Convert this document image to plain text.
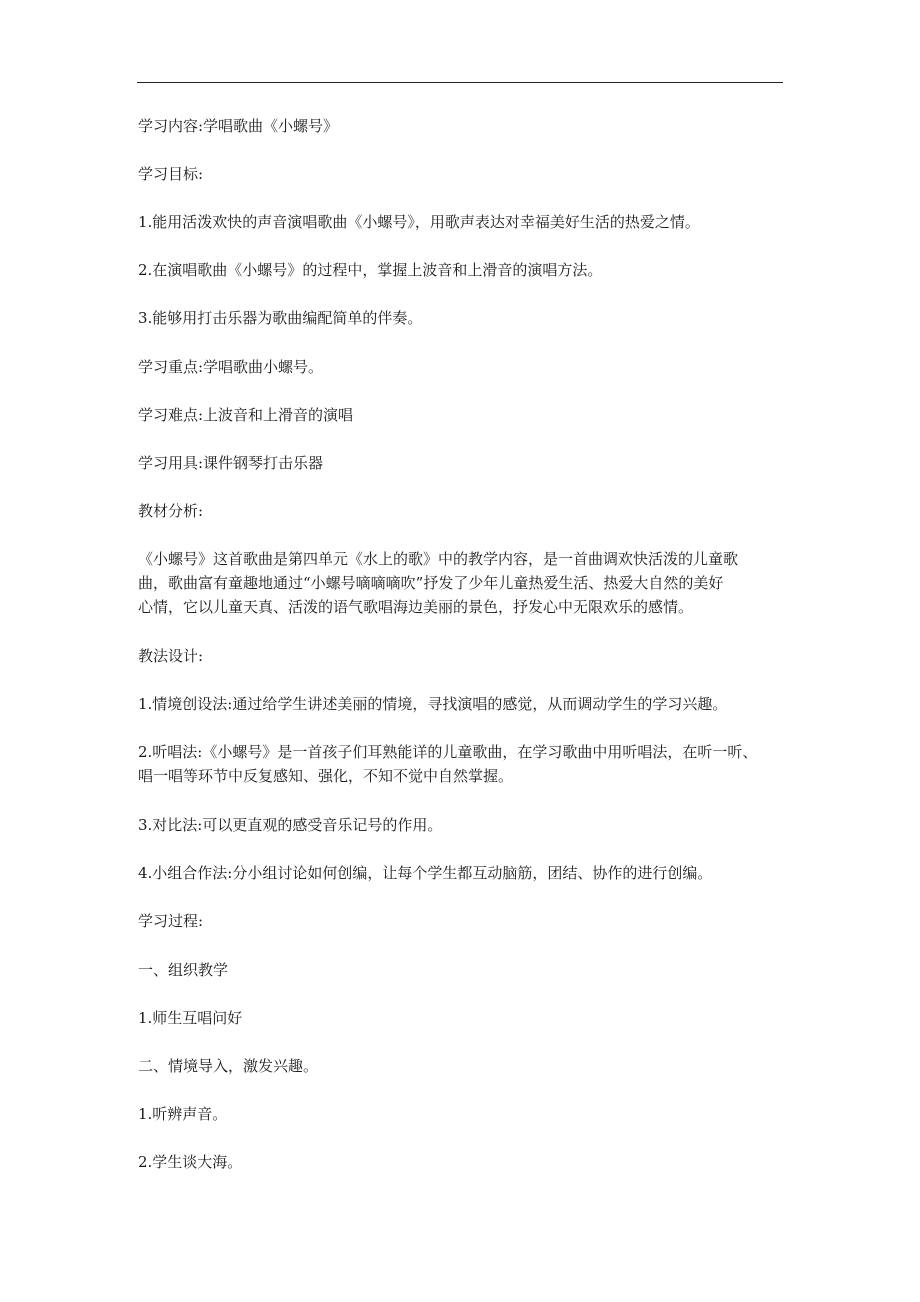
学习内容:学唱歌曲《小螺号》

学习目标:

1.能用活泼欢快的声音演唱歌曲《小螺号》，用歌声表达对幸福美好生活的热爱之情。

2.在演唱歌曲《小螺号》的过程中，掌握上波音和上滑音的演唱方法。

3.能够用打击乐器为歌曲编配简单的伴奏。

学习重点:学唱歌曲小螺号。

学习难点:上波音和上滑音的演唱

学习用具:课件钢琴打击乐器

教材分析:

《小螺号》这首歌曲是第四单元《水上的歌》中的教学内容，是一首曲调欢快活泼的儿童歌
曲，歌曲富有童趣地通过“小螺号嘀嘀嘀吹”抒发了少年儿童热爱生活、热爱大自然的美好
心情，它以儿童天真、活泼的语气歌唱海边美丽的景色，抒发心中无限欢乐的感情。

教法设计:

1.情境创设法:通过给学生讲述美丽的情境，寻找演唱的感觉，从而调动学生的学习兴趣。

2.听唱法:《小螺号》是一首孩子们耳熟能详的儿童歌曲，在学习歌曲中用听唱法，在听一听、
唱一唱等环节中反复感知、强化，不知不觉中自然掌握。

3.对比法:可以更直观的感受音乐记号的作用。

4.小组合作法:分小组讨论如何创编，让每个学生都互动脑筋，团结、协作的进行创编。

学习过程:

一、组织教学

1.师生互唱问好

二、情境导入，激发兴趣。

1.听辨声音。

2.学生谈大海。
